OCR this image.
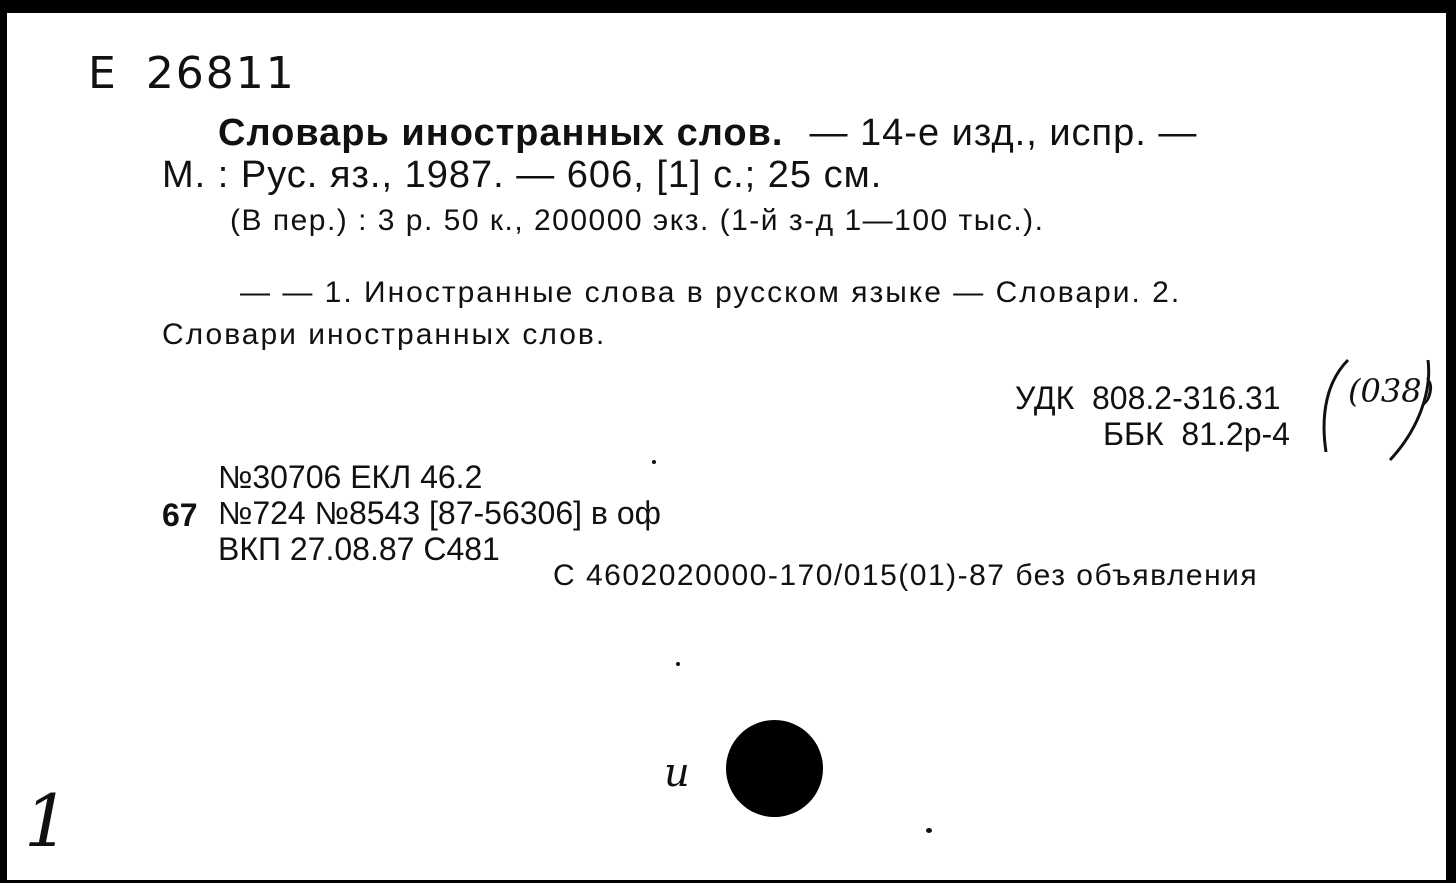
Е 26811
Словарь иностранных слов. — 14-е изд., испр. —
М. : Рус. яз., 1987. — 606, [1] с.; 25 см.
(В пер.) : 3 р. 50 к., 200000 экз. (1-й з-д 1—100 тыс.).
— — 1. Иностранные слова в русском языке — Словари. 2.
Словари иностранных слов.
УДК  808.2-316.31
ББК  81.2р-4
(038)
№30706 ЕКЛ 46.2
67 №724 №8543 [87-56306] в оф
ВКП 27.08.87 С481
С 4602020000-170/015(01)-87 без объявления
и
1
